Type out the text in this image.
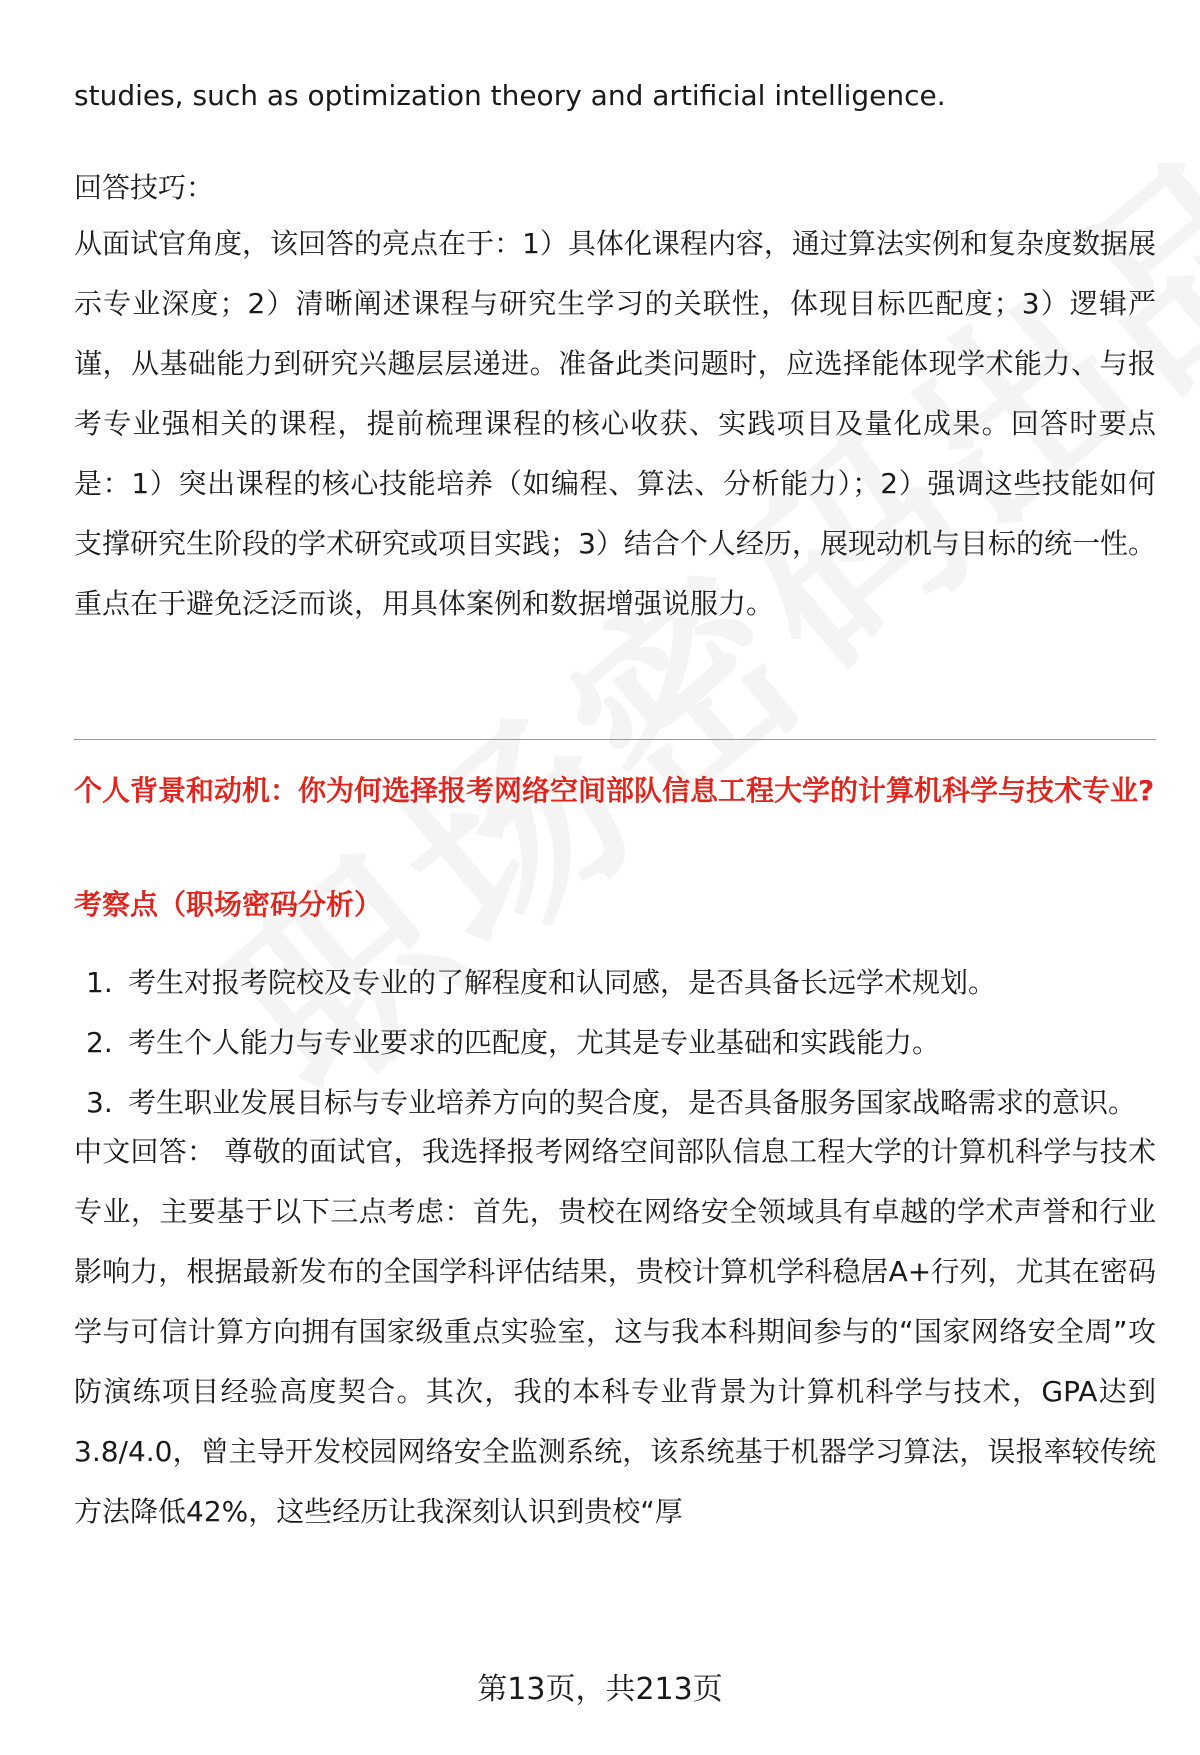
studies, such as optimization theory and artificial intelligence.

回答技巧：

从面试官角度，该回答的亮点在于：1）具体化课程内容，通过算法实例和复杂度数据展示专业深度；2）清晰阐述课程与研究生学习的关联性，体现目标匹配度；3）逻辑严谨，从基础能力到研究兴趣层层递进。准备此类问题时，应选择能体现学术能力、与报考专业强相关的课程，提前梳理课程的核心收获、实践项目及量化成果。回答时要点是：1）突出课程的核心技能培养（如编程、算法、分析能力）；2）强调这些技能如何支撑研究生阶段的学术研究或项目实践；3）结合个人经历，展现动机与目标的统一性。重点在于避免泛泛而谈，用具体案例和数据增强说服力。

个人背景和动机：你为何选择报考网络空间部队信息工程大学的计算机科学与技术专业?
考察点（职场密码分析）
1. 考生对报考院校及专业的了解程度和认同感，是否具备长远学术规划。
2. 考生个人能力与专业要求的匹配度，尤其是专业基础和实践能力。
3. 考生职业发展目标与专业培养方向的契合度，是否具备服务国家战略需求的意识。

中文回答： 尊敬的面试官，我选择报考网络空间部队信息工程大学的计算机科学与技术专业，主要基于以下三点考虑：首先，贵校在网络安全领域具有卓越的学术声誉和行业影响力，根据最新发布的全国学科评估结果，贵校计算机学科稳居A+行列，尤其在密码学与可信计算方向拥有国家级重点实验室，这与我本科期间参与的“国家网络安全周”攻防演练项目经验高度契合。其次，我的本科专业背景为计算机科学与技术，GPA达到3.8/4.0，曾主导开发校园网络安全监测系统，该系统基于机器学习算法，误报率较传统方法降低42%，这些经历让我深刻认识到贵校“厚

第13页，共213页
